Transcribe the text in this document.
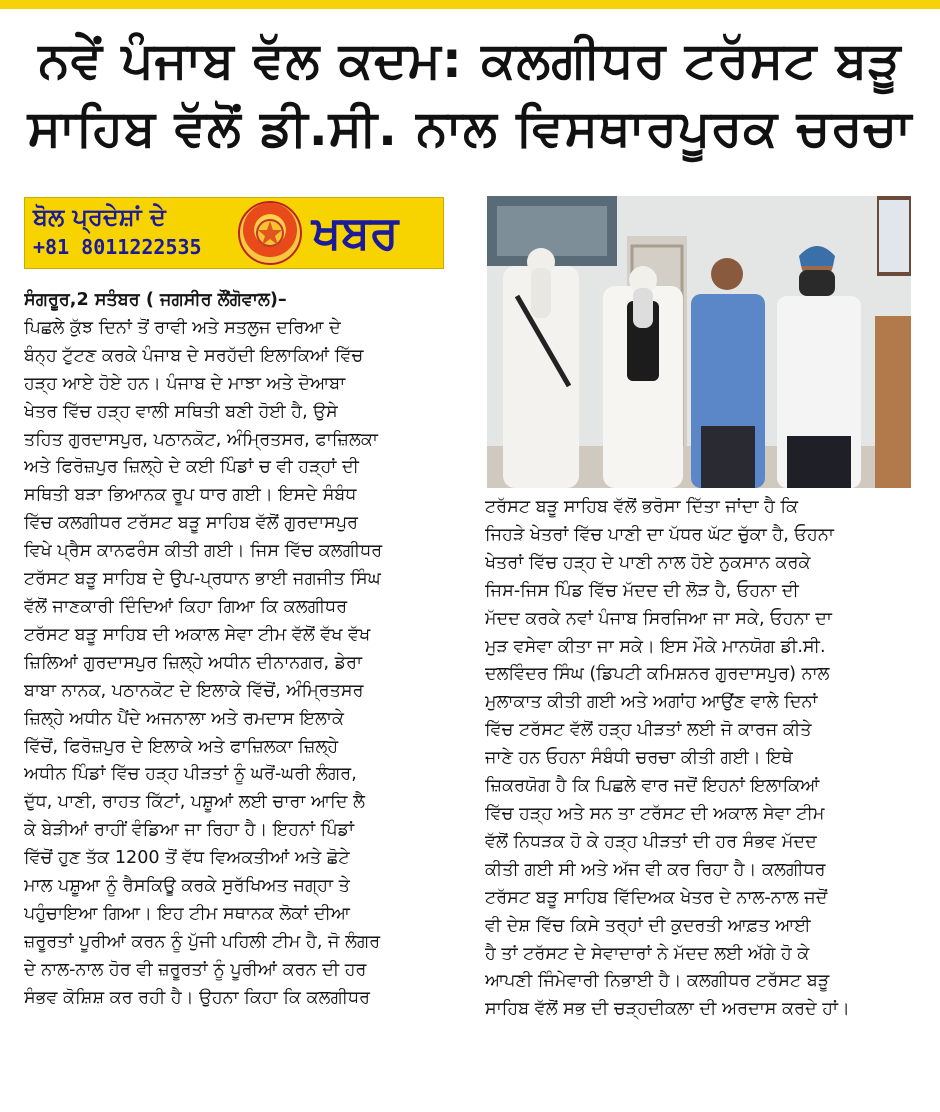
ਨਵੇਂ ਪੰਜਾਬ ਵੱਲ ਕਦਮ: ਕਲਗੀਧਰ ਟਰੱਸਟ ਬੜੂ
ਸਾਹਿਬ ਵੱਲੋਂ ਡੀ.ਸੀ. ਨਾਲ ਵਿਸਥਾਰਪੂਰਕ ਚਰਚਾ
ਬੋਲ ਪ੍ਰਦੇਸ਼ਾਂ ਦੇ
+81 8011222535 ਖਬਰ
ਸੰਗਰੂਰ,2 ਸਤੰਬਰ ( ਜਗਸੀਰ ਲੌਂਗੋਵਾਲ)–
ਪਿਛਲੇ ਕੁੱਝ ਦਿਨਾਂ ਤੋਂ ਰਾਵੀ ਅਤੇ ਸਤਲੁਜ ਦਰਿਆ ਦੇ
ਬੰਨ੍ਹ ਟੁੱਟਣ ਕਰਕੇ ਪੰਜਾਬ ਦੇ ਸਰਹੱਦੀ ਇਲਾਕਿਆਂ ਵਿੱਚ
ਹੜ੍ਹ ਆਏ ਹੋਏ ਹਨ। ਪੰਜਾਬ ਦੇ ਮਾਝਾ ਅਤੇ ਦੋਆਬਾ
ਖੇਤਰ ਵਿੱਚ ਹੜ੍ਹ ਵਾਲੀ ਸਥਿਤੀ ਬਣੀ ਹੋਈ ਹੈ, ਉਸੇ
ਤਹਿਤ ਗੁਰਦਾਸਪੁਰ, ਪਠਾਨਕੋਟ, ਅੰਮ੍ਰਿਤਸਰ, ਫਾਜ਼ਿਲਕਾ
ਅਤੇ ਫਿਰੋਜ਼ਪੁਰ ਜ਼ਿਲ੍ਹੇ ਦੇ ਕਈ ਪਿੰਡਾਂ ਚ ਵੀ ਹੜ੍ਹਾਂ ਦੀ
ਸਥਿਤੀ ਬੜਾ ਭਿਆਨਕ ਰੂਪ ਧਾਰ ਗਈ। ਇਸਦੇ ਸੰਬੰਧ
ਵਿੱਚ ਕਲਗੀਧਰ ਟਰੱਸਟ ਬੜੂ ਸਾਹਿਬ ਵੱਲੋਂ ਗੁਰਦਾਸਪੁਰ
ਵਿਖੇ ਪ੍ਰੈਸ ਕਾਨਫਰੰਸ ਕੀਤੀ ਗਈ। ਜਿਸ ਵਿੱਚ ਕਲਗੀਧਰ
ਟਰੱਸਟ ਬੜੂ ਸਾਹਿਬ ਦੇ ਉਪ-ਪ੍ਰਧਾਨ ਭਾਈ ਜਗਜੀਤ ਸਿੰਘ
ਵੱਲੋਂ ਜਾਣਕਾਰੀ ਦਿੰਦਿਆਂ ਕਿਹਾ ਗਿਆ ਕਿ ਕਲਗੀਧਰ
ਟਰੱਸਟ ਬੜੂ ਸਾਹਿਬ ਦੀ ਅਕਾਲ ਸੇਵਾ ਟੀਮ ਵੱਲੋਂ ਵੱਖ ਵੱਖ
ਜ਼ਿਲਿਆਂ ਗੁਰਦਾਸਪੁਰ ਜ਼ਿਲ੍ਹੇ ਅਧੀਨ ਦੀਨਾਨਗਰ, ਡੇਰਾ
ਬਾਬਾ ਨਾਨਕ, ਪਠਾਨਕੋਟ ਦੇ ਇਲਾਕੇ ਵਿੱਚੋਂ, ਅੰਮ੍ਰਿਤਸਰ
ਜ਼ਿਲ੍ਹੇ ਅਧੀਨ ਪੈਂਦੇ ਅਜਨਾਲਾ ਅਤੇ ਰਮਦਾਸ ਇਲਾਕੇ
ਵਿੱਚੋਂ, ਫਿਰੋਜ਼ਪੁਰ ਦੇ ਇਲਾਕੇ ਅਤੇ ਫਾਜ਼ਿਲਕਾ ਜ਼ਿਲ੍ਹੇ
ਅਧੀਨ ਪਿੰਡਾਂ ਵਿੱਚ ਹੜ੍ਹ ਪੀੜਤਾਂ ਨੂੰ ਘਰੋਂ-ਘਰੀ ਲੰਗਰ,
ਦੁੱਧ, ਪਾਣੀ, ਰਾਹਤ ਕਿੱਟਾਂ, ਪਸ਼ੂਆਂ ਲਈ ਚਾਰਾ ਆਦਿ ਲੈ
ਕੇ ਬੇੜੀਆਂ ਰਾਹੀਂ ਵੰਡਿਆ ਜਾ ਰਿਹਾ ਹੈ। ਇਹਨਾਂ ਪਿੰਡਾਂ
ਵਿੱਚੋਂ ਹੁਣ ਤੱਕ 1200 ਤੋਂ ਵੱਧ ਵਿਅਕਤੀਆਂ ਅਤੇ ਛੋਟੇ
ਮਾਲ ਪਸ਼ੂਆ ਨੂੰ ਰੈਸਕਿਊ ਕਰਕੇ ਸੁਰੱਖਿਅਤ ਜਗ੍ਹਾ ਤੇ
ਪਹੁੰਚਾਇਆ ਗਿਆ। ਇਹ ਟੀਮ ਸਥਾਨਕ ਲੋਕਾਂ ਦੀਆ
ਜ਼ਰੂਰਤਾਂ ਪੂਰੀਆਂ ਕਰਨ ਨੂੰ ਪੁੱਜੀ ਪਹਿਲੀ ਟੀਮ ਹੈ, ਜੋ ਲੰਗਰ
ਦੇ ਨਾਲ-ਨਾਲ ਹੋਰ ਵੀ ਜ਼ਰੂਰਤਾਂ ਨੂੰ ਪੂਰੀਆਂ ਕਰਨ ਦੀ ਹਰ
ਸੰਭਵ ਕੋਸ਼ਿਸ਼ ਕਰ ਰਹੀ ਹੈ। ਉਹਨਾ ਕਿਹਾ ਕਿ ਕਲਗੀਧਰ
ਟਰੱਸਟ ਬੜੂ ਸਾਹਿਬ ਵੱਲੋਂ ਭਰੋਸਾ ਦਿੱਤਾ ਜਾਂਦਾ ਹੈ ਕਿ
ਜਿਹੜੇ ਖੇਤਰਾਂ ਵਿੱਚ ਪਾਣੀ ਦਾ ਪੱਧਰ ਘੱਟ ਚੁੱਕਾ ਹੈ, ਓਹਨਾ
ਖੇਤਰਾਂ ਵਿੱਚ ਹੜ੍ਹ ਦੇ ਪਾਣੀ ਨਾਲ ਹੋਏ ਨੁਕਸਾਨ ਕਰਕੇ
ਜਿਸ-ਜਿਸ ਪਿੰਡ ਵਿੱਚ ਮੱਦਦ ਦੀ ਲੋੜ ਹੈ, ਓਹਨਾ ਦੀ
ਮੱਦਦ ਕਰਕੇ ਨਵਾਂ ਪੰਜਾਬ ਸਿਰਜਿਆ ਜਾ ਸਕੇ, ਓਹਨਾ ਦਾ
ਮੁੜ ਵਸੇਵਾ ਕੀਤਾ ਜਾ ਸਕੇ। ਇਸ ਮੌਕੇ ਮਾਨਯੋਗ ਡੀ.ਸੀ.
ਦਲਵਿੰਦਰ ਸਿੰਘ (ਡਿਪਟੀ ਕਮਿਸ਼ਨਰ ਗੁਰਦਾਸਪੁਰ) ਨਾਲ
ਮੁਲਾਕਾਤ ਕੀਤੀ ਗਈ ਅਤੇ ਅਗਾਂਹ ਆਉਂਣ ਵਾਲੇ ਦਿਨਾਂ
ਵਿੱਚ ਟਰੱਸਟ ਵੱਲੋਂ ਹੜ੍ਹ ਪੀੜਤਾਂ ਲਈ ਜੋ ਕਾਰਜ ਕੀਤੇ
ਜਾਣੇ ਹਨ ਓਹਨਾ ਸੰਬੰਧੀ ਚਰਚਾ ਕੀਤੀ ਗਈ। ਇਥੇ
ਜ਼ਿਕਰਯੋਗ ਹੈ ਕਿ ਪਿਛਲੇ ਵਾਰ ਜਦੋਂ ਇਹਨਾਂ ਇਲਾਕਿਆਂ
ਵਿੱਚ ਹੜ੍ਹ ਅਤੇ ਸਨ ਤਾ ਟਰੱਸਟ ਦੀ ਅਕਾਲ ਸੇਵਾ ਟੀਮ
ਵੱਲੋਂ ਨਿਧੜਕ ਹੋ ਕੇ ਹੜ੍ਹ ਪੀੜਤਾਂ ਦੀ ਹਰ ਸੰਭਵ ਮੱਦਦ
ਕੀਤੀ ਗਈ ਸੀ ਅਤੇ ਅੱਜ ਵੀ ਕਰ ਰਿਹਾ ਹੈ। ਕਲਗੀਧਰ
ਟਰੱਸਟ ਬੜੂ ਸਾਹਿਬ ਵਿੱਦਿਅਕ ਖੇਤਰ ਦੇ ਨਾਲ-ਨਾਲ ਜਦੋਂ
ਵੀ ਦੇਸ਼ ਵਿੱਚ ਕਿਸੇ ਤਰ੍ਹਾਂ ਦੀ ਕੁਦਰਤੀ ਆਫ਼ਤ ਆਈ
ਹੈ ਤਾਂ ਟਰੱਸਟ ਦੇ ਸੇਵਾਦਾਰਾਂ ਨੇ ਮੱਦਦ ਲਈ ਅੱਗੇ ਹੋ ਕੇ
ਆਪਣੀ ਜਿੰਮੇਵਾਰੀ ਨਿਭਾਈ ਹੈ। ਕਲਗੀਧਰ ਟਰੱਸਟ ਬੜੂ
ਸਾਹਿਬ ਵੱਲੋਂ ਸਭ ਦੀ ਚੜ੍ਹਦੀਕਲਾ ਦੀ ਅਰਦਾਸ ਕਰਦੇ ਹਾਂ।
